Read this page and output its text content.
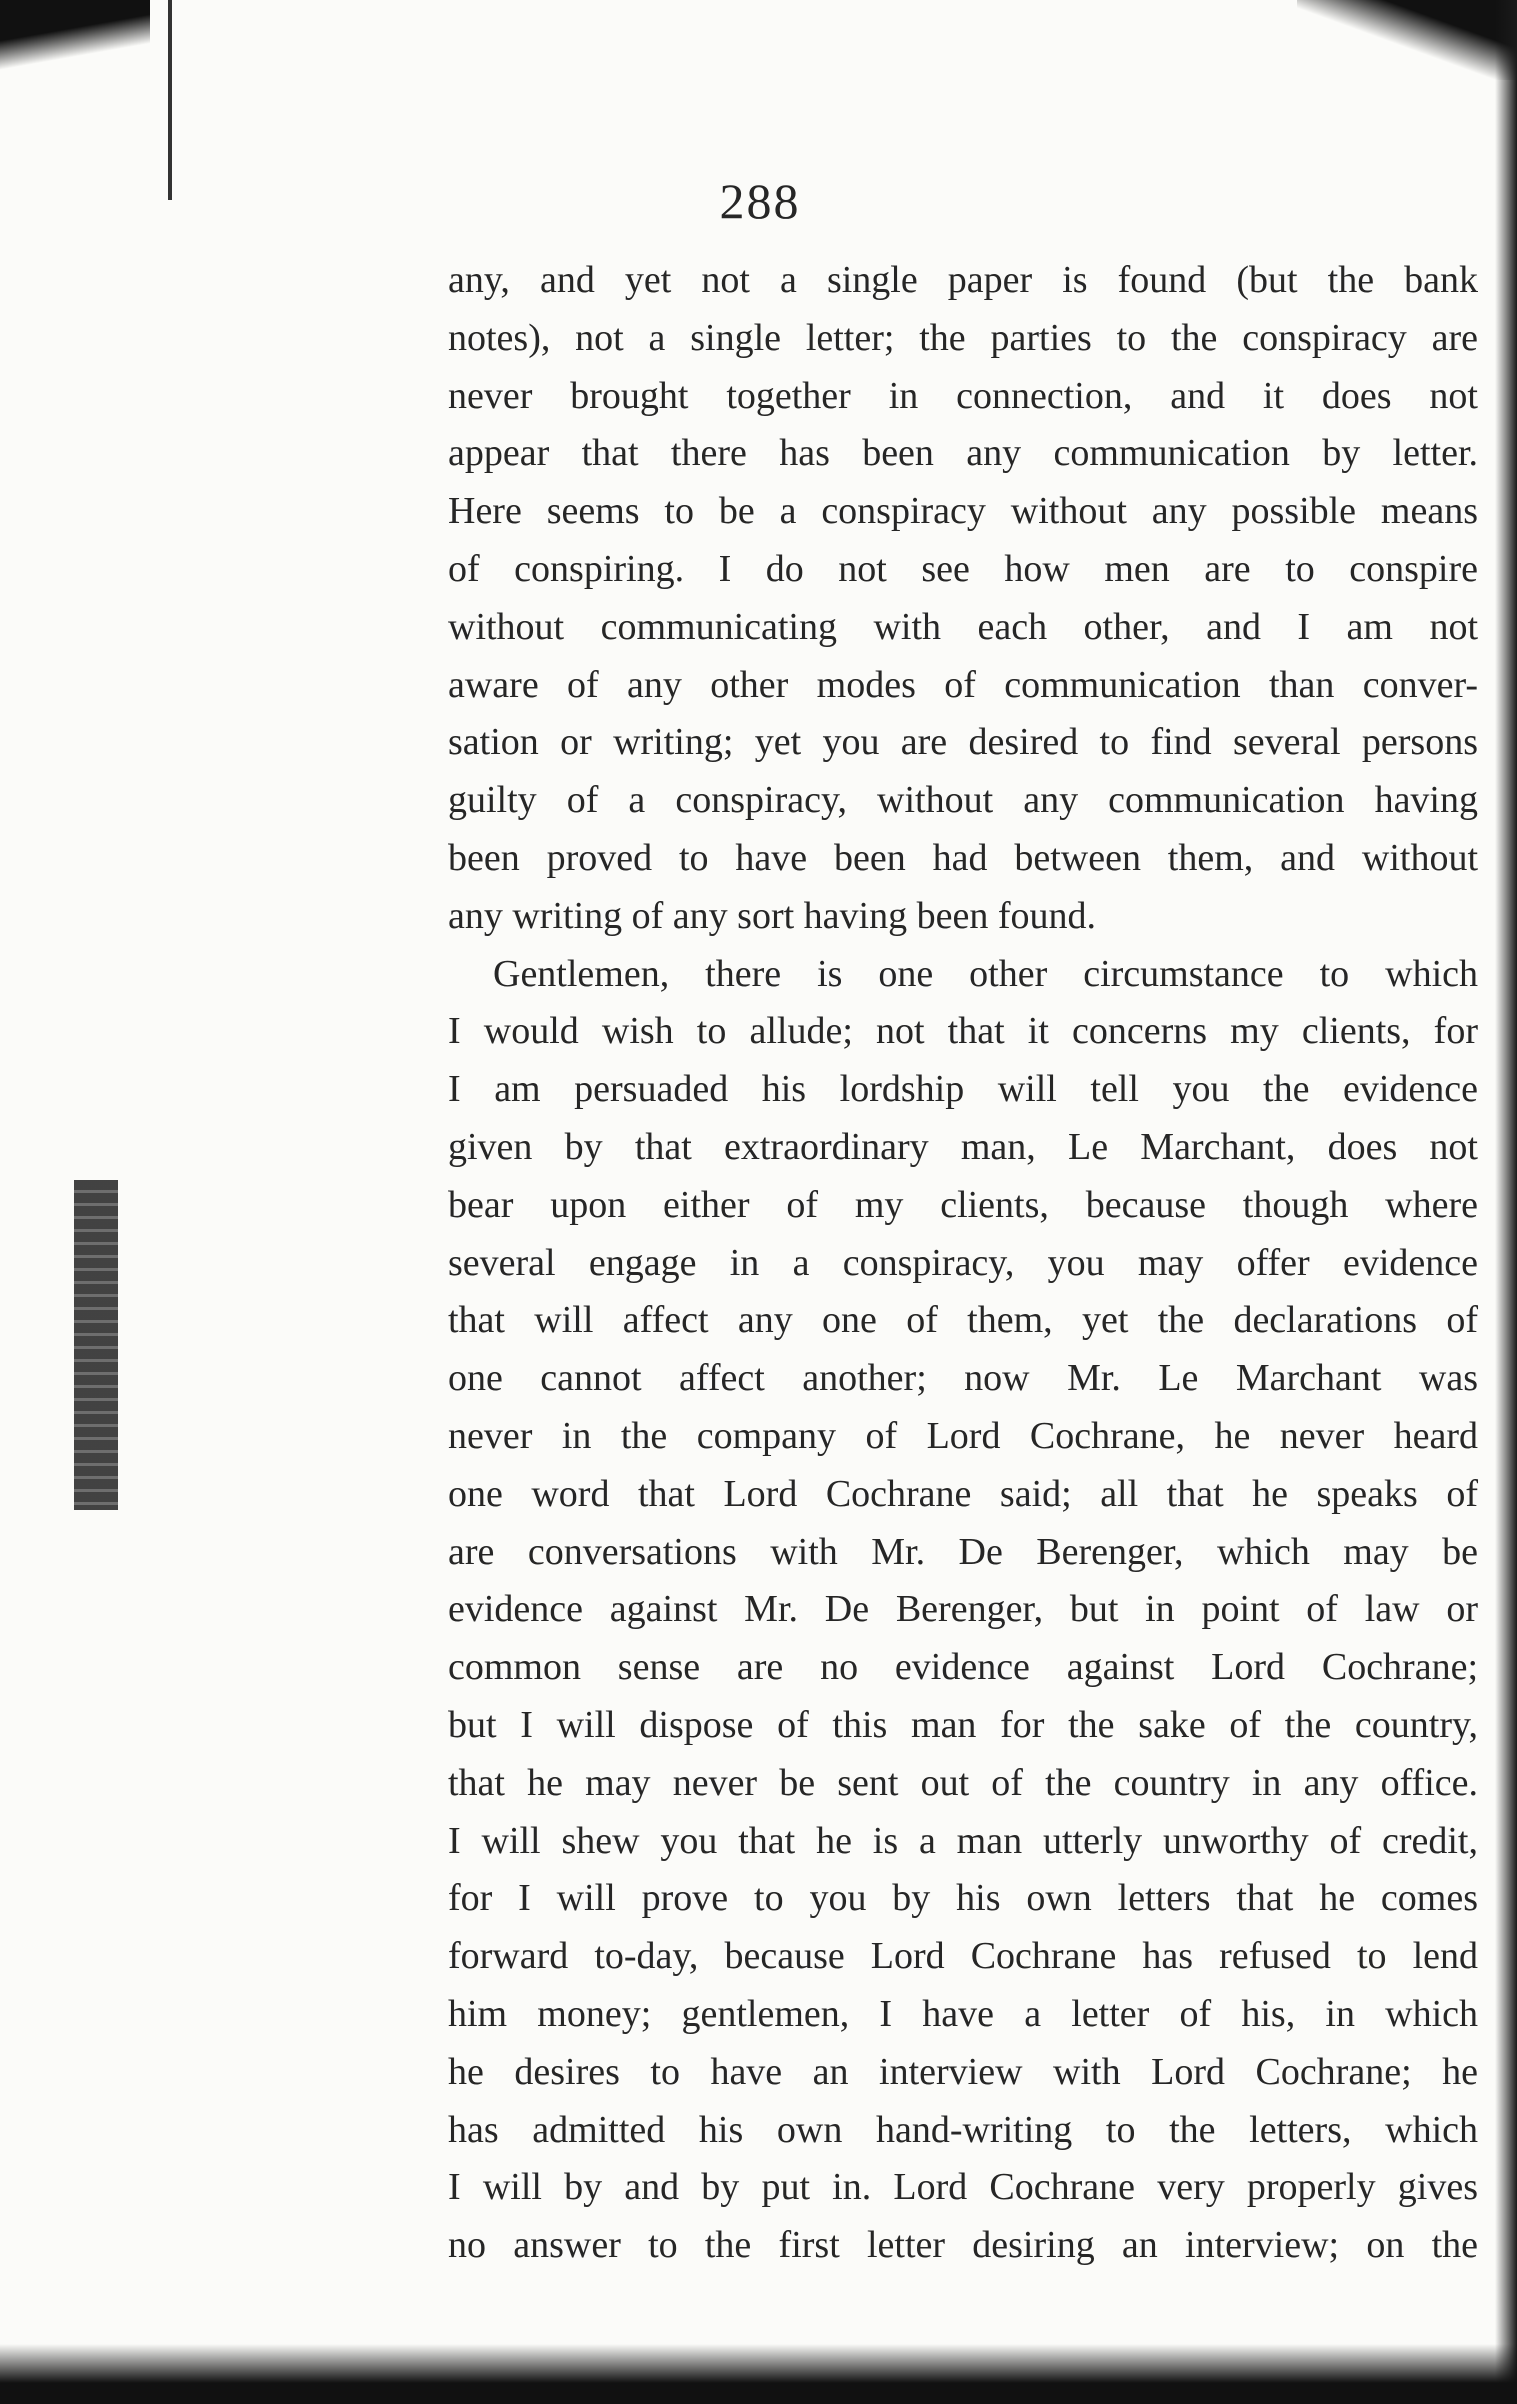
288
any, and yet not a single paper is found (but the bank
notes), not a single letter; the parties to the conspiracy are
never brought together in connection, and it does not
appear that there has been any communication by letter.
Here seems to be a conspiracy without any possible means
of conspiring. I do not see how men are to conspire
without communicating with each other, and I am not
aware of any other modes of communication than conver-
sation or writing; yet you are desired to find several persons
guilty of a conspiracy, without any communication having
been proved to have been had between them, and without
any writing of any sort having been found.
Gentlemen, there is one other circumstance to which
I would wish to allude; not that it concerns my clients, for
I am persuaded his lordship will tell you the evidence
given by that extraordinary man, Le Marchant, does not
bear upon either of my clients, because though where
several engage in a conspiracy, you may offer evidence
that will affect any one of them, yet the declarations of
one cannot affect another; now Mr. Le Marchant was
never in the company of Lord Cochrane, he never heard
one word that Lord Cochrane said; all that he speaks of
are conversations with Mr. De Berenger, which may be
evidence against Mr. De Berenger, but in point of law or
common sense are no evidence against Lord Cochrane;
but I will dispose of this man for the sake of the country,
that he may never be sent out of the country in any office.
I will shew you that he is a man utterly unworthy of credit,
for I will prove to you by his own letters that he comes
forward to-day, because Lord Cochrane has refused to lend
him money; gentlemen, I have a letter of his, in which
he desires to have an interview with Lord Cochrane; he
has admitted his own hand-writing to the letters, which
I will by and by put in. Lord Cochrane very properly gives
no answer to the first letter desiring an interview; on the
